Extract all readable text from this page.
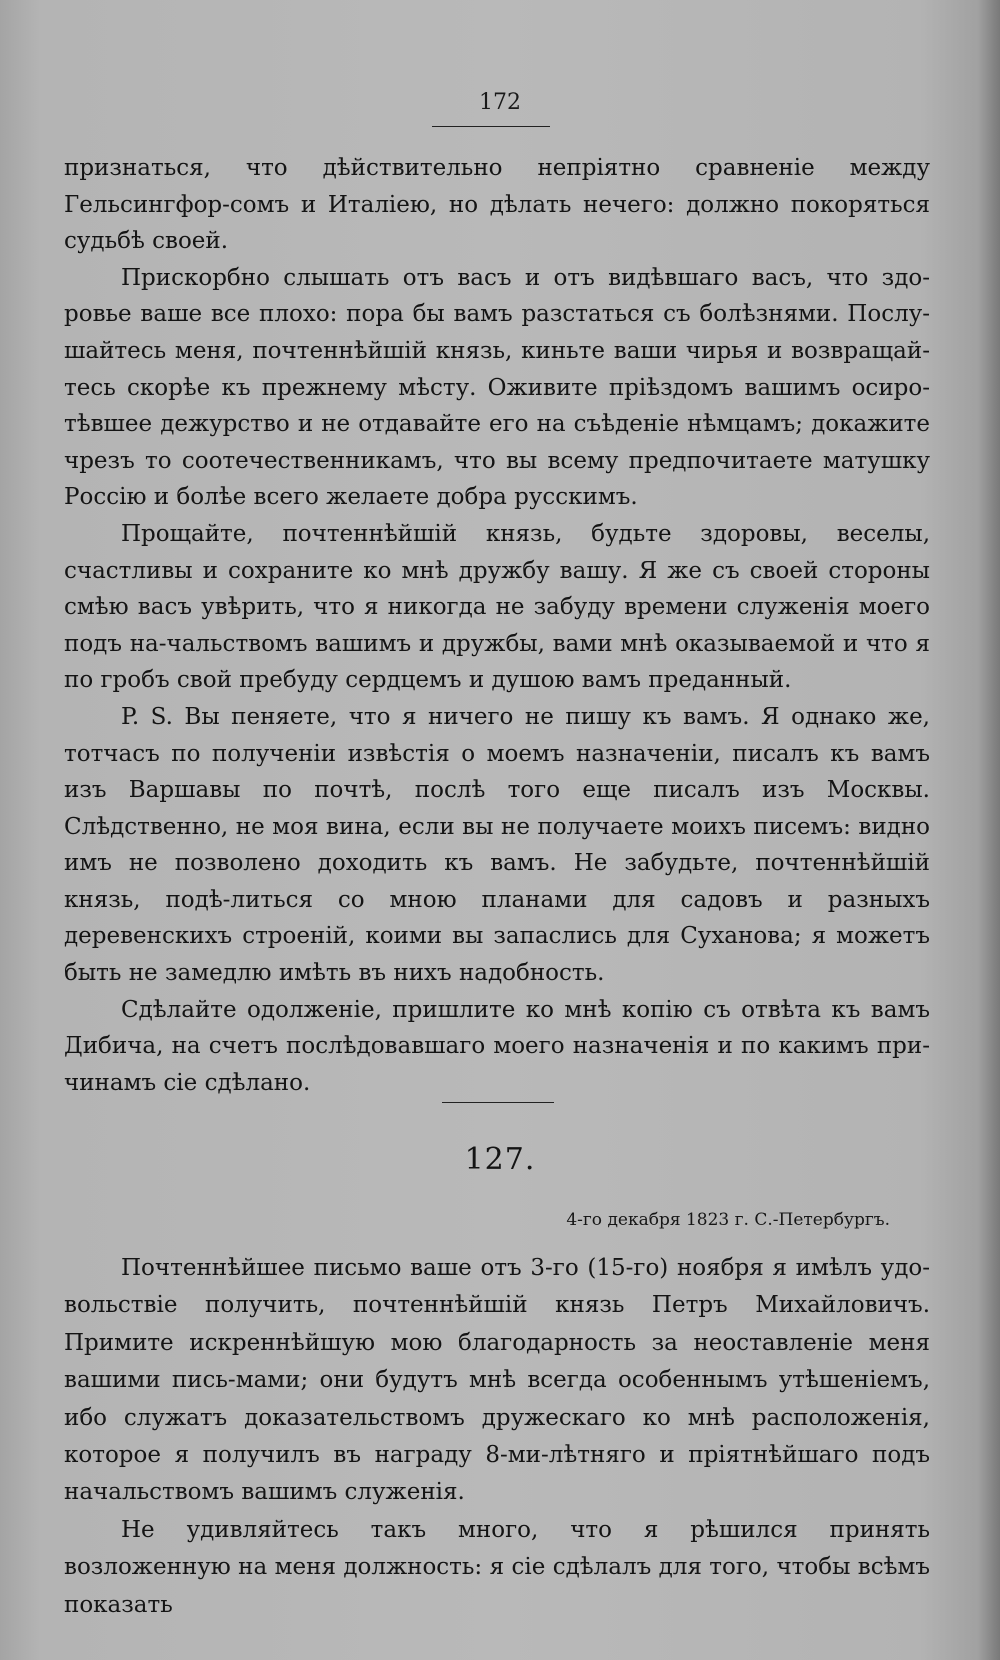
172

признаться, что дѣйствительно непріятно сравненіе между Гельсингфор-сомъ и Италіею, но дѣлать нечего: должно покоряться судьбѣ своей.

Прискорбно слышать отъ васъ и отъ видѣвшаго васъ, что здо-ровье ваше все плохо: пора бы вамъ разстаться съ болѣзнями. Послу-шайтесь меня, почтеннѣйшій князь, киньте ваши чирья и возвращай-тесь скорѣе къ прежнему мѣсту. Оживите пріѣздомъ вашимъ осиро-тѣвшее дежурство и не отдавайте его на съѣденіе нѣмцамъ; докажите чрезъ то соотечественникамъ, что вы всему предпочитаете матушку Россію и болѣе всего желаете добра русскимъ.

Прощайте, почтеннѣйшій князь, будьте здоровы, веселы, счастливы и сохраните ко мнѣ дружбу вашу. Я же съ своей стороны смѣю васъ увѣрить, что я никогда не забуду времени служенія моего подъ на-чальствомъ вашимъ и дружбы, вами мнѣ оказываемой и что я по гробъ свой пребуду сердцемъ и душою вамъ преданный.

P. S. Вы пеняете, что я ничего не пишу къ вамъ. Я однако же, тотчасъ по полученіи извѣстія о моемъ назначеніи, писалъ къ вамъ изъ Варшавы по почтѣ, послѣ того еще писалъ изъ Москвы. Слѣдственно, не моя вина, если вы не получаете моихъ писемъ: видно имъ не позволено доходить къ вамъ. Не забудьте, почтеннѣйшій князь, подѣ-литься со мною планами для садовъ и разныхъ деревенскихъ строеній, коими вы запаслись для Суханова; я можетъ быть не замедлю имѣть въ нихъ надобность.

Сдѣлайте одолженіе, пришлите ко мнѣ копію съ отвѣта къ вамъ Дибича, на счетъ послѣдовавшаго моего назначенія и по какимъ при-чинамъ сіе сдѣлано.

127.
4-го декабря 1823 г. С.-Петербургъ.

Почтеннѣйшее письмо ваше отъ 3-го (15-го) ноября я имѣлъ удо-вольствіе получить, почтеннѣйшій князь Петръ Михайловичъ. Примите искреннѣйшую мою благодарность за неоставленіе меня вашими пись-мами; они будутъ мнѣ всегда особеннымъ утѣшеніемъ, ибо служатъ доказательствомъ дружескаго ко мнѣ расположенія, которое я получилъ въ награду 8-ми-лѣтняго и пріятнѣйшаго подъ начальствомъ вашимъ служенія.

Не удивляйтесь такъ много, что я рѣшился принять возложенную на меня должность: я сіе сдѣлалъ для того, чтобы всѣмъ показать
